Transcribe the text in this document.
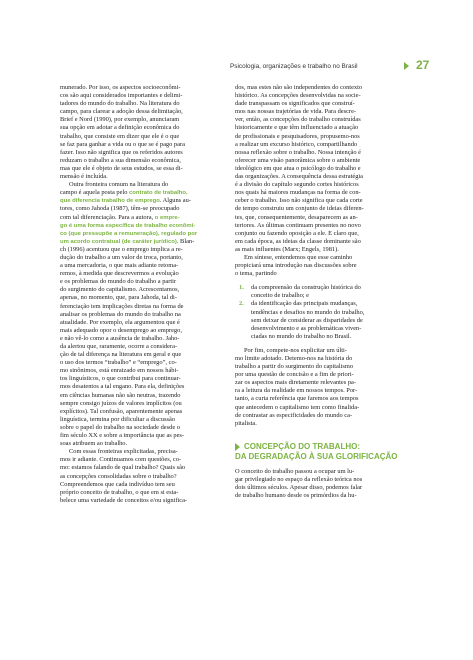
Psicologia, organizações e trabalho no Brasil	27
munerado. Por isso, os aspectos socioeconômi-
cos são aqui considerados importantes e delimi-
tadores do mundo do trabalho. Na literatura do
campo, para clarear a adoção dessa delimitação,
Brief e Nord (1990), por exemplo, anunciaram
sua opção em adotar a definição econômica do
trabalho, que consiste em dizer que ele é o que
se faz para ganhar a vida ou o que se é pago para
fazer. Isso não significa que os referidos autores
reduzam o trabalho a sua dimensão econômica,
mas que ele é objeto de seus estudos, se essa di-
mensão é incluída.
Outra fronteira comum na literatura do
campo é aquela posta pelo contrato de trabalho,
que diferencia trabalho de emprego. Alguns au-
tores, como Jahoda (1987), têm-se preocupado
com tal diferenciação. Para a autora, o empre-
go é uma forma específica de trabalho econômi-
co (que pressupõe a remuneração), regulado por
um acordo contratual (de caráter jurídico). Blan-
ch (1996) acentuou que o emprego implica a re-
dução do trabalho a um valor de troca, portanto,
a uma mercadoria, o que mais adiante retoma-
remos, à medida que descrevermos a evolução
e os problemas do mundo do trabalho a partir
do surgimento do capitalismo. Acrescentamos,
apenas, no momento, que, para Jahoda, tal di-
ferenciação tem implicações diretas na forma de
analisar os problemas do mundo do trabalho na
atualidade. Por exemplo, ela argumentou que é
mais adequado opor o desemprego ao emprego,
e não vê-lo como a ausência de trabalho. Jaho-
da alertou que, raramente, ocorre a considera-
ção de tal diferença na literatura em geral e que
o uso dos termos “trabalho” e “emprego”, co-
mo sinônimos, está enraizado em nossos hábi-
tos linguísticos, o que contribui para continuar-
mos desatentos a tal engano. Para ela, definições
em ciências humanas não são neutras, trazendo
sempre consigo juízos de valores implícitos (ou
explícitos). Tal confusão, aparentemente apenas
linguística, termina por dificultar a discussão
sobre o papel do trabalho na sociedade desde o
fim século XX e sobre a importância que as pes-
soas atribuem ao trabalho.
Com essas fronteiras explicitadas, precisa-
mos ir adiante. Continuamos com questões, co-
mo: estamos falando de qual trabalho? Quais são
as concepções consolidadas sobre o trabalho?
Compreendemos que cada indivíduo tem seu
próprio conceito de trabalho, o que em si esta-
belece uma variedade de conceitos e/ou significa-
dos, mas estes não são independentes do contexto
histórico. As concepções desenvolvidas na socie-
dade transpassam os significados que construí-
mos nas nossas trajetórias de vida. Para descre-
ver, então, as concepções do trabalho construídas
historicamente e que têm influenciado a atuação
de profissionais e pesquisadores, propusemo-nos
a realizar um excurso histórico, compartilhando
nossa reflexão sobre o trabalho. Nossa intenção é
oferecer uma visão panorâmica sobre o ambiente
ideológico em que atua o psicólogo do trabalho e
das organizações. A consequência dessa estratégia
é a divisão do capítulo segundo cortes históricos
nos quais há maiores mudanças na forma de con-
ceber o trabalho. Isso não significa que cada corte
de tempo construiu um conjunto de ideias diferen-
tes, que, consequentemente, desaparecem as an-
teriores. As últimas continuam presentes no novo
conjunto ou fazendo oposição a ele. É claro que,
em cada época, as ideias da classe dominante são
as mais influentes (Marx; Engels, 1981).
Em síntese, entendemos que esse caminho
propiciará uma introdução nas discussões sobre
o tema, partindo
1. da compreensão da construção histórica do
conceito de trabalho; e
2. da identificação das principais mudanças,
tendências e desafios no mundo do trabalho,
sem deixar de considerar as disparidades de
desenvolvimento e as problemáticas viven-
ciadas no mundo do trabalho no Brasil.
Por fim, compete-nos explicitar um últi-
mo limite adotado. Detemo-nos na história do
trabalho a partir do surgimento do capitalismo
por uma questão de concisão e a fim de priori-
zar os aspectos mais diretamente relevantes pa-
ra a leitura da realidade em nossos tempos. Por-
tanto, a curta referência que faremos aos tempos
que antecedem o capitalismo tem como finalida-
de contrastar as especificidades do mundo ca-
pitalista.
CONCEPÇÃO DO TRABALHO:
DA DEGRADAÇÃO À SUA GLORIFICAÇÃO
O conceito do trabalho passou a ocupar um lu-
gar privilegiado no espaço da reflexão teórica nos
dois últimos séculos. Apesar disso, podemos falar
de trabalho humano desde os primórdios da hu-
